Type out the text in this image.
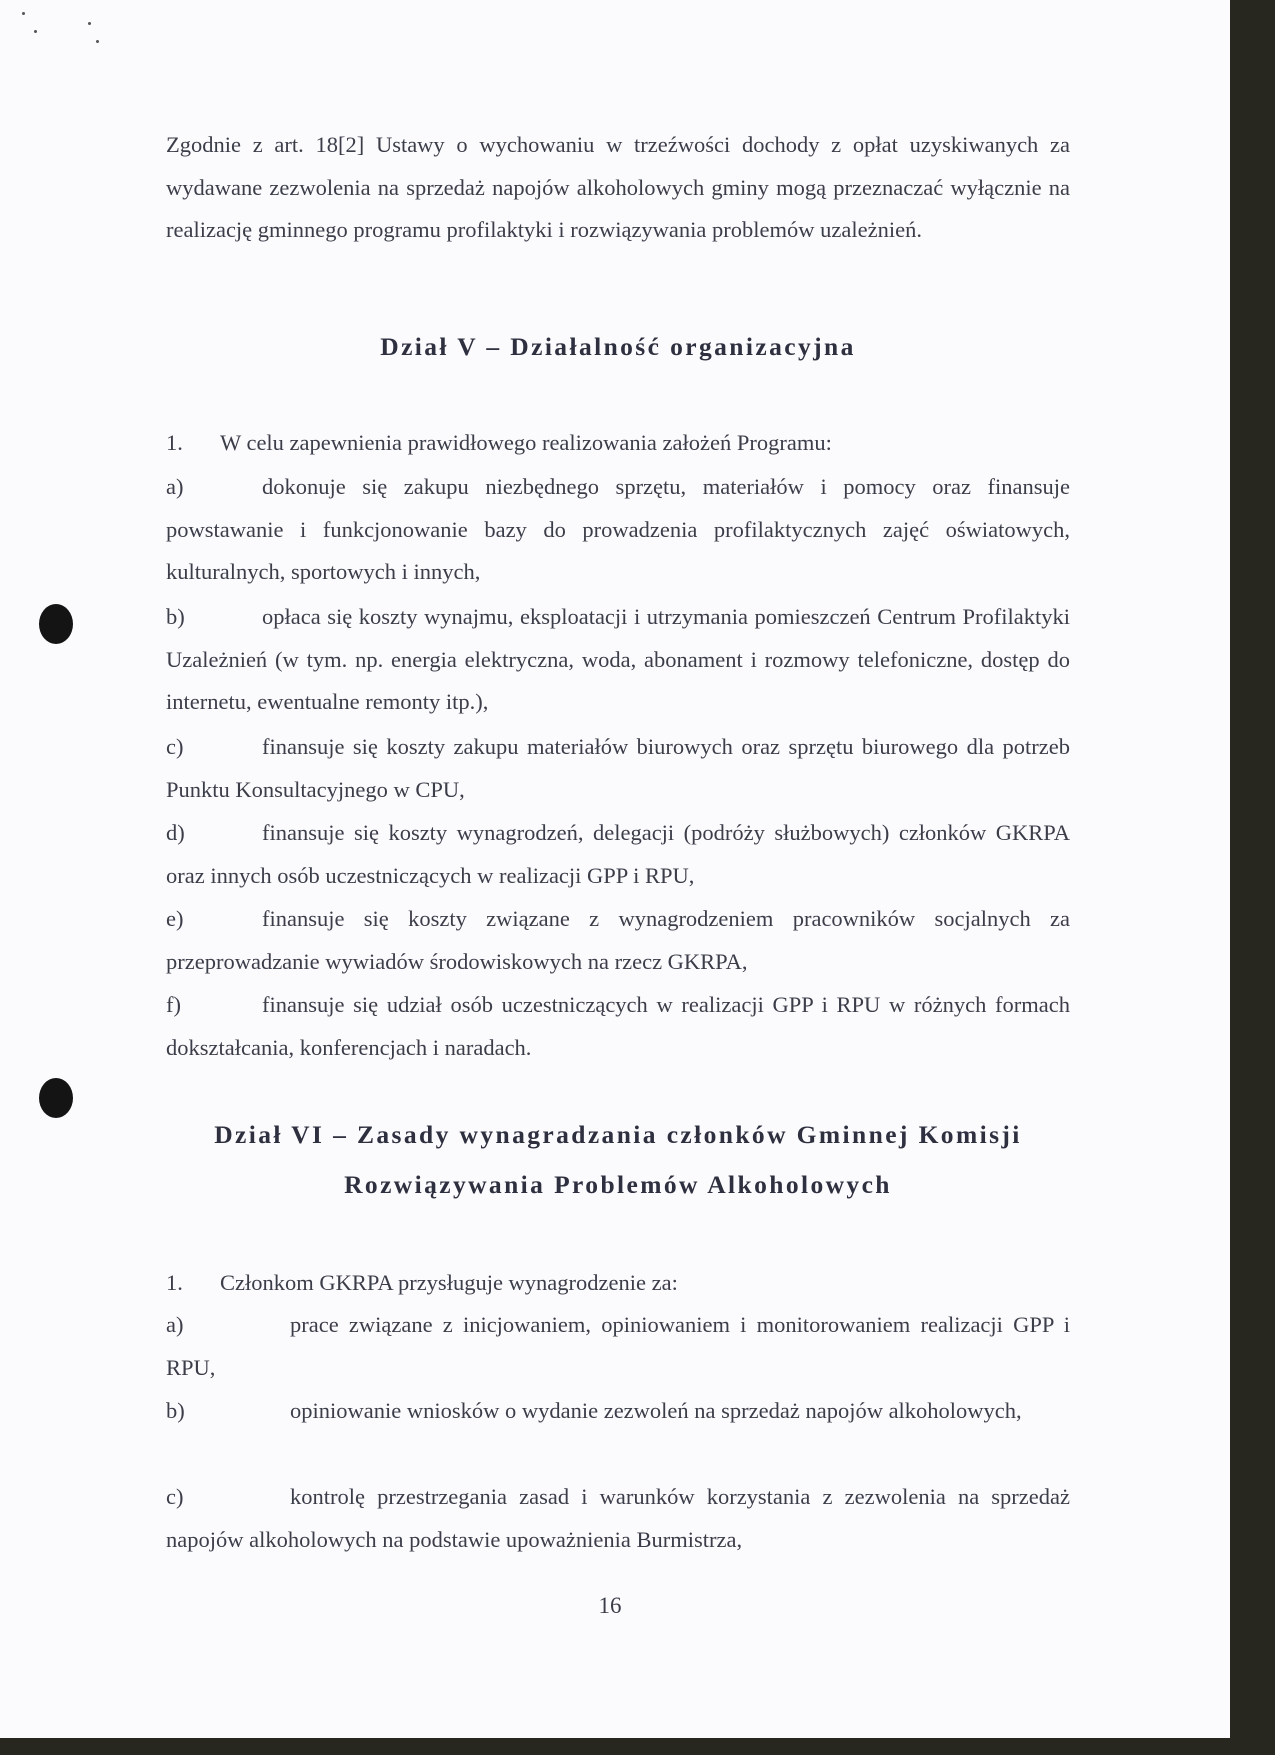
Zgodnie z art. 18[2] Ustawy o wychowaniu w trzeźwości dochody z opłat uzyskiwanych za wydawane zezwolenia na sprzedaż napojów alkoholowych gminy mogą przeznaczać wyłącznie na realizację gminnego programu profilaktyki i rozwiązywania problemów uzależnień.

Dział V – Działalność organizacyjna

1. W celu zapewnienia prawidłowego realizowania założeń Programu:

a)	dokonuje się zakupu niezbędnego sprzętu, materiałów i pomocy oraz finansuje powstawanie i funkcjonowanie bazy do prowadzenia profilaktycznych zajęć oświatowych, kulturalnych, sportowych i innych,

b)	opłaca się koszty wynajmu, eksploatacji i utrzymania pomieszczeń Centrum Profilaktyki Uzależnień (w tym. np. energia elektryczna, woda, abonament i rozmowy telefoniczne, dostęp do internetu, ewentualne remonty itp.),

c)	finansuje się koszty zakupu materiałów biurowych oraz sprzętu biurowego dla potrzeb Punktu Konsultacyjnego w CPU,

d)	finansuje się koszty wynagrodzeń, delegacji (podróży służbowych) członków GKRPA oraz innych osób uczestniczących w realizacji GPP i RPU,

e)	finansuje się koszty związane z wynagrodzeniem pracowników socjalnych za przeprowadzanie wywiadów środowiskowych na rzecz GKRPA,

f)	finansuje się udział osób uczestniczących w realizacji GPP i RPU w różnych formach dokształcania, konferencjach i naradach.

Dział VI – Zasady wynagradzania członków Gminnej Komisji
Rozwiązywania Problemów Alkoholowych

1. Członkom GKRPA przysługuje wynagrodzenie za:

a)	prace związane z inicjowaniem, opiniowaniem i monitorowaniem realizacji GPP i RPU,

b)	opiniowanie wniosków o wydanie zezwoleń na sprzedaż napojów alkoholowych,

c)	kontrolę przestrzegania zasad i warunków korzystania z zezwolenia na sprzedaż napojów alkoholowych na podstawie upoważnienia Burmistrza,

16
